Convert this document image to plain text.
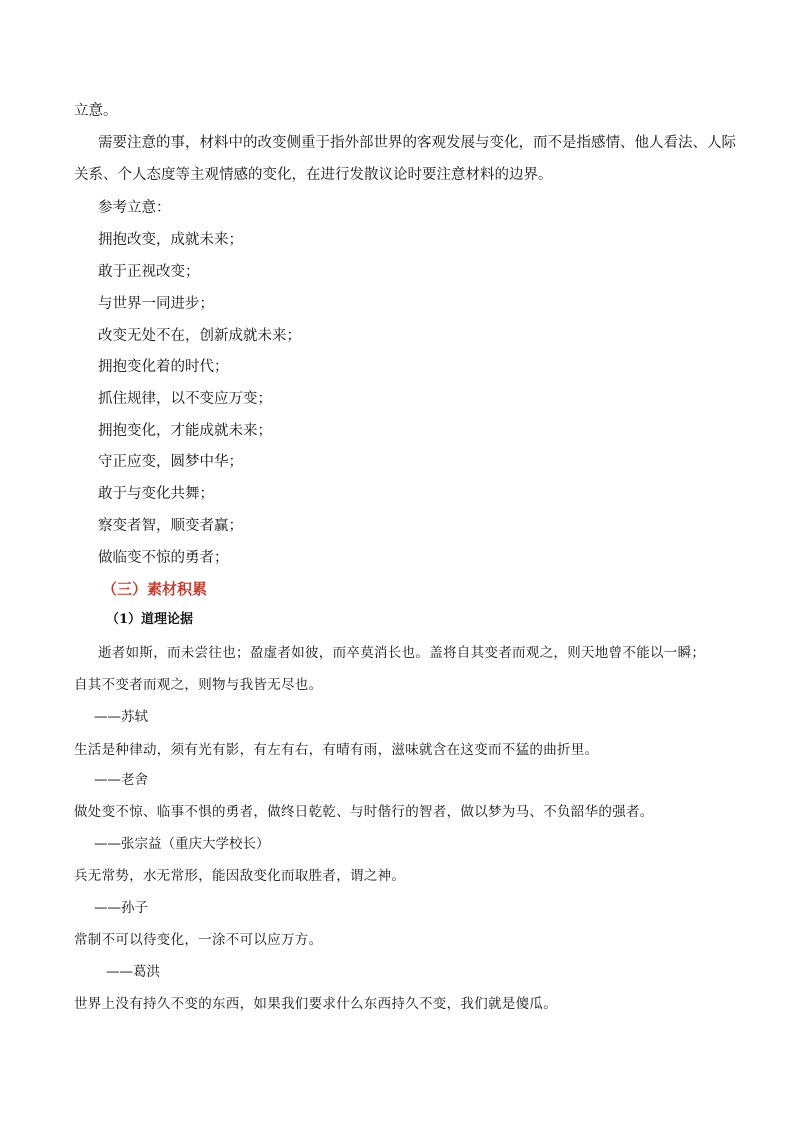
立意。
需要注意的事，材料中的改变侧重于指外部世界的客观发展与变化，而不是指感情、他人看法、人际
关系、个人态度等主观情感的变化，在进行发散议论时要注意材料的边界。
参考立意：
拥抱改变，成就未来；
敢于正视改变；
与世界一同进步；
改变无处不在，创新成就未来；
拥抱变化着的时代；
抓住规律，以不变应万变；
拥抱变化，才能成就未来；
守正应变，圆梦中华；
敢于与变化共舞；
察变者智，顺变者赢；
做临变不惊的勇者；
（三）素材积累
（1）道理论据
逝者如斯，而未尝往也；盈虚者如彼，而卒莫消长也。盖将自其变者而观之，则天地曾不能以一瞬；
自其不变者而观之，则物与我皆无尽也。
——苏轼
生活是种律动，须有光有影，有左有右，有晴有雨，滋味就含在这变而不猛的曲折里。
——老舍
做处变不惊、临事不惧的勇者，做终日乾乾、与时偕行的智者，做以梦为马、不负韶华的强者。
——张宗益（重庆大学校长）
兵无常势，水无常形，能因敌变化而取胜者，谓之神。
——孙子
常制不可以待变化，一涂不可以应万方。
——葛洪
世界上没有持久不变的东西，如果我们要求什么东西持久不变，我们就是傻瓜。
